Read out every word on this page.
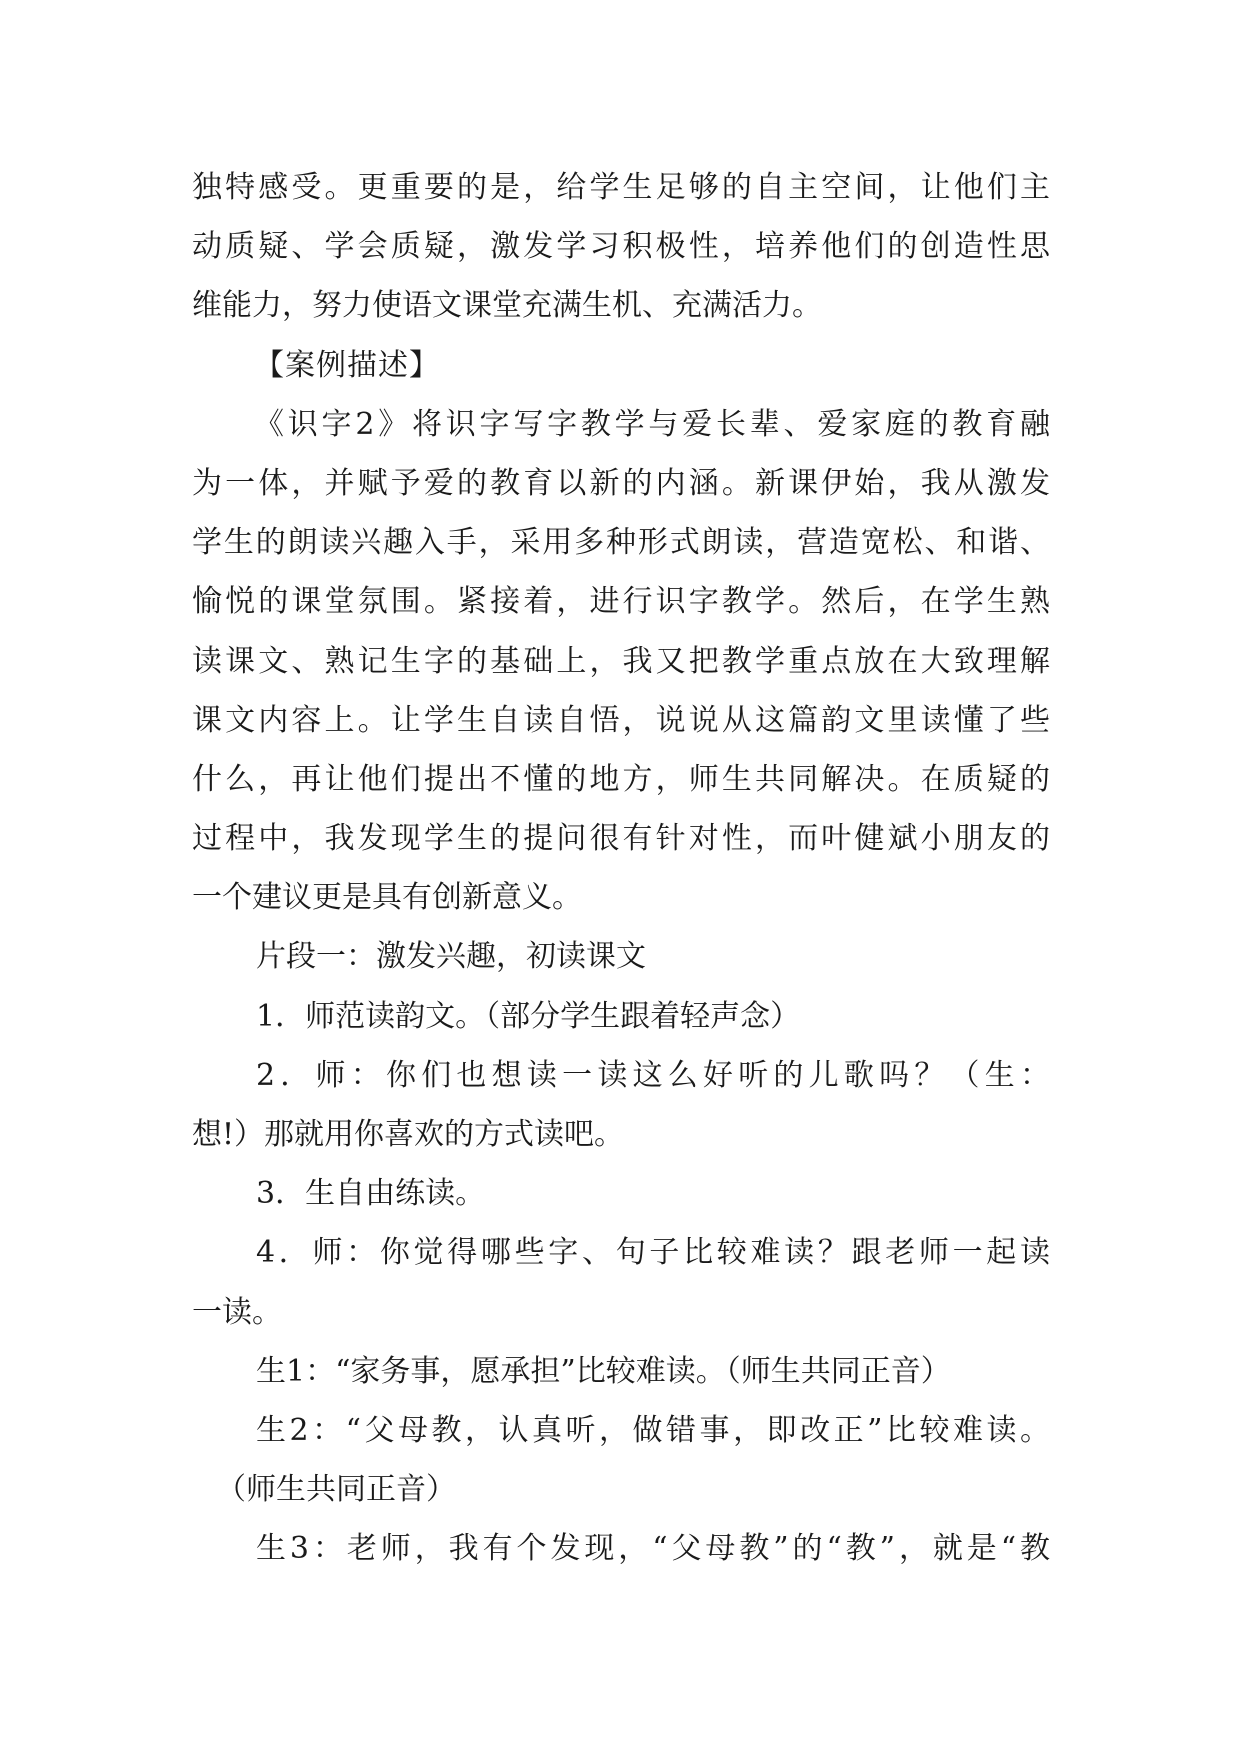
独特感受。更重要的是，给学生足够的自主空间，让他们主
动质疑、学会质疑，激发学习积极性，培养他们的创造性思
维能力，努力使语文课堂充满生机、充满活力。
【案例描述】
《识字2》将识字写字教学与爱长辈、爱家庭的教育融
为一体，并赋予爱的教育以新的内涵。新课伊始，我从激发
学生的朗读兴趣入手，采用多种形式朗读，营造宽松、和谐、
愉悦的课堂氛围。紧接着，进行识字教学。然后，在学生熟
读课文、熟记生字的基础上，我又把教学重点放在大致理解
课文内容上。让学生自读自悟，说说从这篇韵文里读懂了些
什么，再让他们提出不懂的地方，师生共同解决。在质疑的
过程中，我发现学生的提问很有针对性，而叶健斌小朋友的
一个建议更是具有创新意义。
片段一：激发兴趣，初读课文
1．师范读韵文。（部分学生跟着轻声念）
2．师：你们也想读一读这么好听的儿歌吗？（生：
想!）那就用你喜欢的方式读吧。
3．生自由练读。
4．师：你觉得哪些字、句子比较难读？跟老师一起读
一读。
生1：“家务事，愿承担”比较难读。（师生共同正音）
生2：“父母教，认真听，做错事，即改正”比较难读。
（师生共同正音）
生3：老师，我有个发现，“父母教”的“教”，就是“教
